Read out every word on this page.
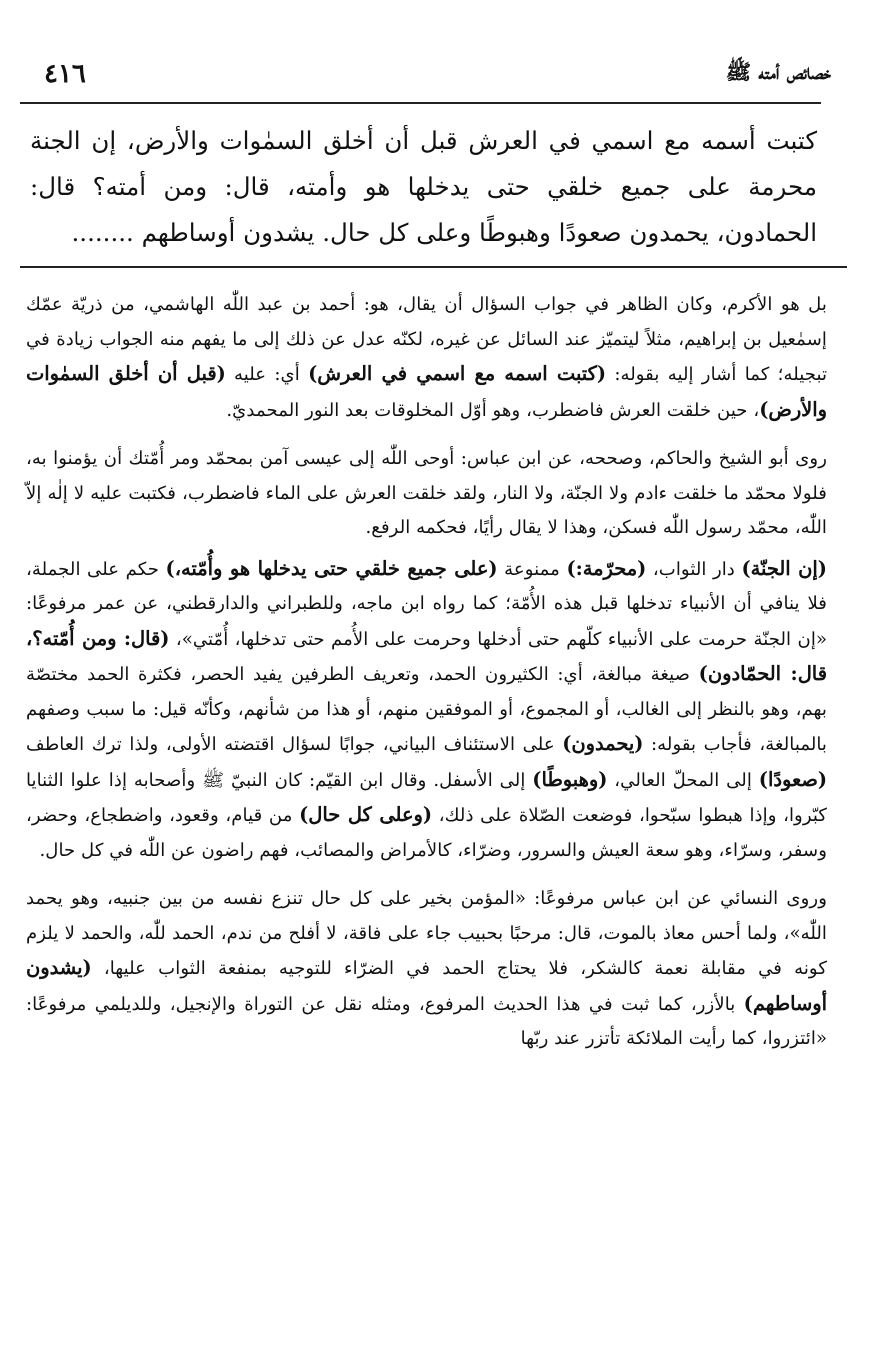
خصائص أمته ﷺ
٤١٦

كتبت أسمه مع اسمي في العرش قبل أن أخلق السمٰوات والأرض، إن الجنة محرمة على جميع خلقي حتى يدخلها هو وأمته، قال: ومن أمته؟ قال: الحمادون، يحمدون صعودًا وهبوطًا وعلى كل حال. يشدون أوساطهم ........

بل هو الأكرم، وكان الظاهر في جواب السؤال أن يقال، هو: أحمد بن عبد اللّٰه الهاشمي، من ذريّة عمّك إسمٰعيل بن إبراهيم، مثلاً ليتميّز عند السائل عن غيره، لكنّه عدل عن ذلك إلى ما يفهم منه الجواب زيادة في تبجيله؛ كما أشار إليه بقوله: (كتبت اسمه مع اسمي في العرش) أي: عليه (قبل أن أخلق السمٰوات والأرض)، حين خلقت العرش فاضطرب، وهو أوّل المخلوقات بعد النور المحمديّ.

روى أبو الشيخ والحاكم، وصححه، عن ابن عباس: أوحى اللّٰه إلى عيسى آمن بمحمّد ومر أُمّتك أن يؤمنوا به، فلولا محمّد ما خلقت ءادم ولا الجنّة، ولا النار، ولقد خلقت العرش على الماء فاضطرب، فكتبت عليه لا إلٰه إلاّ اللّٰه، محمّد رسول اللّٰه فسكن، وهذا لا يقال رأيًا، فحكمه الرفع.

(إن الجنّة) دار الثواب، (محرّمة:) ممنوعة (على جميع خلقي حتى يدخلها هو وأُمّته،) حكم على الجملة، فلا ينافي أن الأنبياء تدخلها قبل هذه الأُمّة؛ كما رواه ابن ماجه، وللطبراني والدارقطني، عن عمر مرفوعًا: «إن الجنّة حرمت على الأنبياء كلّهم حتى أدخلها وحرمت على الأُمم حتى تدخلها، أُمّتي»، (قال: ومن أُمّته؟، قال: الحمّادون) صيغة مبالغة، أي: الكثيرون الحمد، وتعريف الطرفين يفيد الحصر، فكثرة الحمد مختصّة بهم، وهو بالنظر إلى الغالب، أو المجموع، أو الموفقين منهم، أو هذا من شأنهم، وكأنّه قيل: ما سبب وصفهم بالمبالغة، فأجاب بقوله: (يحمدون) على الاستئناف البياني، جوابًا لسؤال اقتضته الأولى، ولذا ترك العاطف (صعودًا) إلى المحلّ العالي، (وهبوطًا) إلى الأسفل. وقال ابن القيّم: كان النبيّ ﷺ وأصحابه إذا علوا الثنايا كبّروا، وإذا هبطوا سبّحوا، فوضعت الصّلاة على ذلك، (وعلى كل حال) من قيام، وقعود، واضطجاع، وحضر، وسفر، وسرّاء، وهو سعة العيش والسرور، وضرّاء، كالأمراض والمصائب، فهم راضون عن اللّٰه في كل حال.

وروى النسائي عن ابن عباس مرفوعًا: «المؤمن بخير على كل حال تنزع نفسه من بين جنبيه، وهو يحمد اللّٰه»، ولما أحس معاذ بالموت، قال: مرحبًا بحبيب جاء على فاقة، لا أفلح من ندم، الحمد للّٰه، والحمد لا يلزم كونه في مقابلة نعمة كالشكر، فلا يحتاج الحمد في الضرّاء للتوجيه بمنفعة الثواب عليها، (يشدون أوساطهم) بالأزر، كما ثبت في هذا الحديث المرفوع، ومثله نقل عن التوراة والإنجيل، وللديلمي مرفوعًا: «ائتزروا، كما رأيت الملائكة تأتزر عند ربّها
